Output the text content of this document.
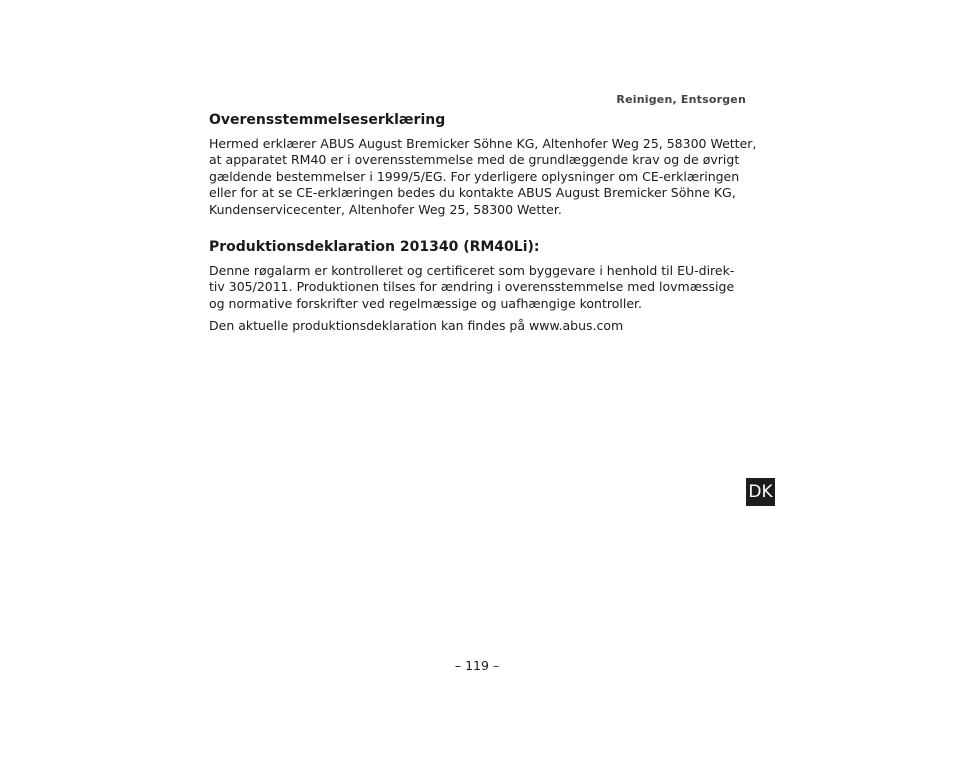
Reinigen, Entsorgen
Overensstemmelseserklæring

Hermed erklærer ABUS August Bremicker Söhne KG, Altenhofer Weg 25, 58300 Wetter,
at apparatet RM40 er i overensstemmelse med de grundlæggende krav og de øvrigt
gældende bestemmelser i 1999/5/EG. For yderligere oplysninger om CE-erklæringen
eller for at se CE-erklæringen bedes du kontakte ABUS August Bremicker Söhne KG,
Kundenservicecenter, Altenhofer Weg 25, 58300 Wetter.

Produktionsdeklaration 201340 (RM40Li):

Denne røgalarm er kontrolleret og certificeret som byggevare i henhold til EU-direk-
tiv 305/2011. Produktionen tilses for ændring i overensstemmelse med lovmæssige
og normative forskrifter ved regelmæssige og uafhængige kontroller.

Den aktuelle produktionsdeklaration kan findes på www.abus.com

DK
– 119 –
